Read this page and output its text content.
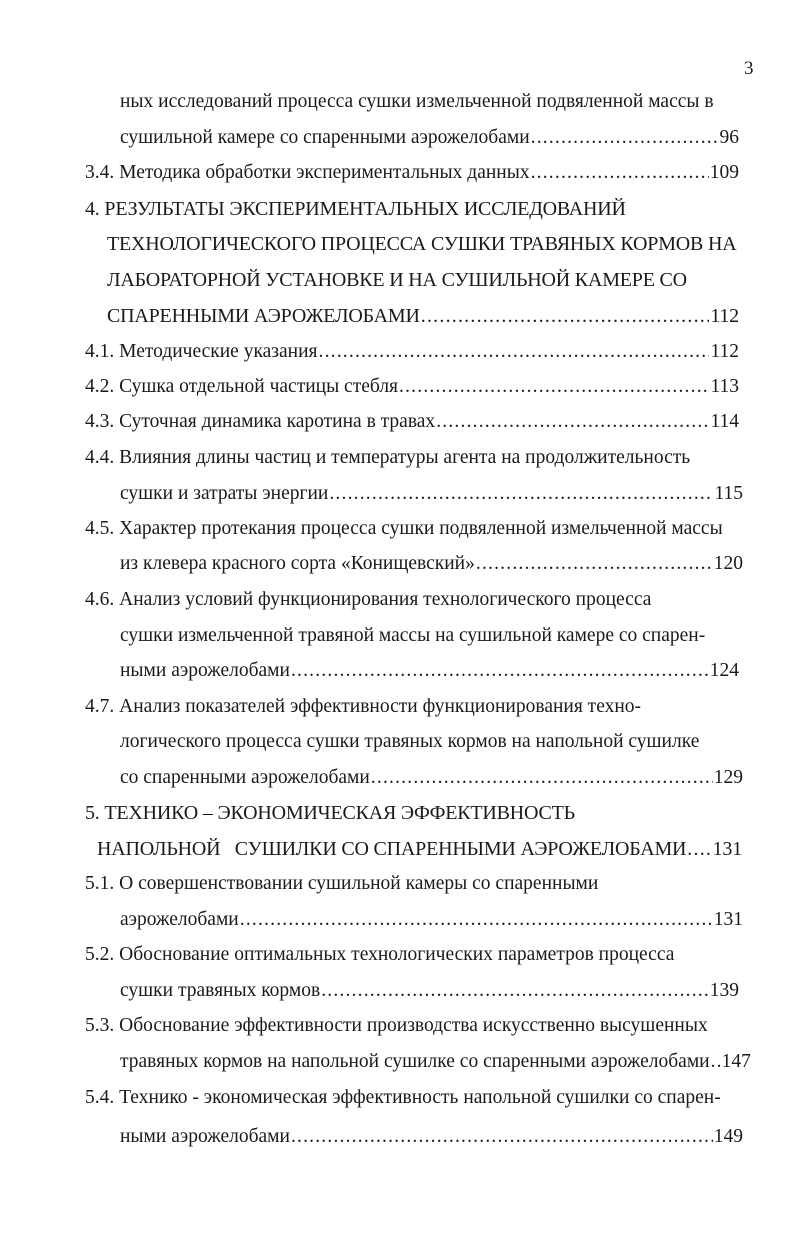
3
ных исследований процесса сушки измельченной подвяленной массы в
сушильной камере со спаренными аэрожелобами .....	96
3.4. Методика обработки экспериментальных данных .....	109
4. РЕЗУЛЬТАТЫ ЭКСПЕРИМЕНТАЛЬНЫХ ИССЛЕДОВАНИЙ
ТЕХНОЛОГИЧЕСКОГО ПРОЦЕССА СУШКИ ТРАВЯНЫХ КОРМОВ НА
ЛАБОРАТОРНОЙ УСТАНОВКЕ И НА СУШИЛЬНОЙ КАМЕРЕ СО
СПАРЕННЫМИ АЭРОЖЕЛОБАМИ .....	112
4.1. Методические указания .....	112
4.2. Сушка отдельной частицы стебля .....	113
4.3. Суточная динамика каротина в травах .....	114
4.4. Влияния длины частиц и температуры агента на продолжительность
сушки и затраты энергии .....	115
4.5. Характер протекания процесса сушки подвяленной измельченной массы
из клевера красного сорта «Конищевский» .....	120
4.6. Анализ условий функционирования технологического процесса
сушки измельченной травяной массы на сушильной камере со спарен-
ными аэрожелобами .....	124
4.7. Анализ показателей эффективности функционирования техно-
логического процесса сушки травяных кормов на напольной сушилке
со спаренными аэрожелобами .....	129
5. ТЕХНИКО – ЭКОНОМИЧЕСКАЯ ЭФФЕКТИВНОСТЬ
НАПОЛЬНОЙ   СУШИЛКИ СО СПАРЕННЫМИ АЭРОЖЕЛОБАМИ ..... 131
5.1. О совершенствовании сушильной камеры со спаренными
аэрожелобами .....	131
5.2. Обоснование оптимальных технологических параметров процесса
сушки травяных кормов .....	139
5.3. Обоснование эффективности производства искусственно высушенных
травяных кормов на напольной сушилке со спаренными аэрожелобами ..... 147
5.4. Технико - экономическая эффективность напольной сушилки со спарен-
ными аэрожелобами .....	149
